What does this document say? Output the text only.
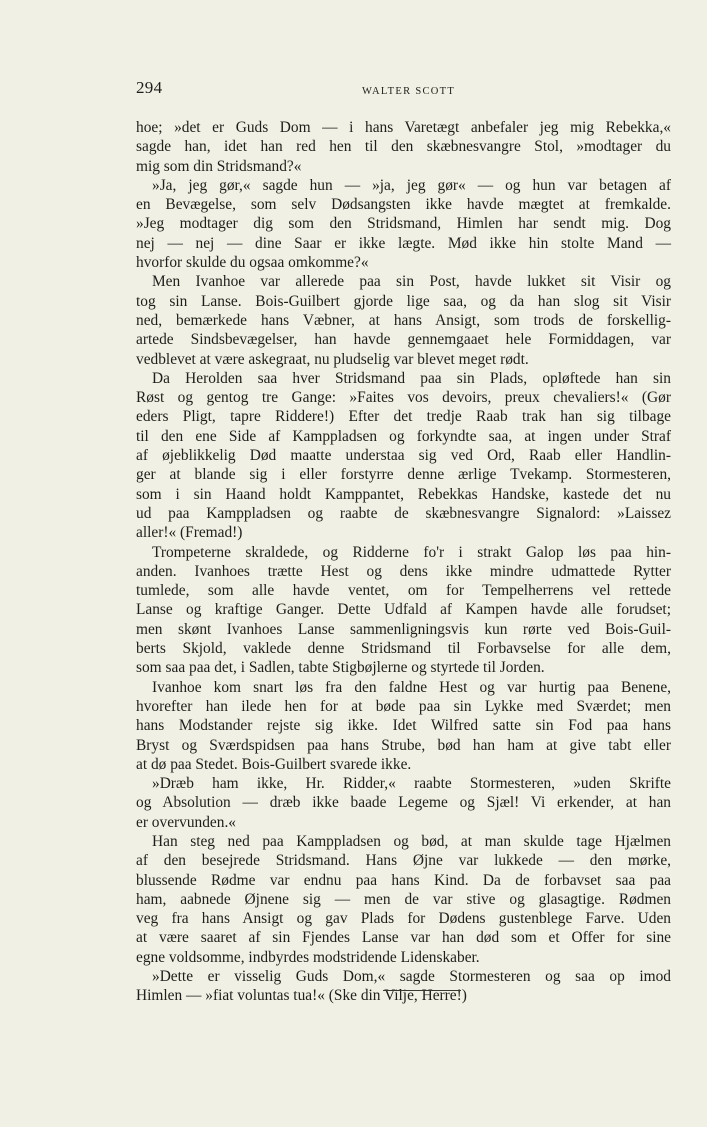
294	WALTER SCOTT
hoe; »det er Guds Dom — i hans Varetægt anbefaler jeg mig Rebekka,«
sagde han, idet han red hen til den skæbnesvangre Stol, »modtager du
mig som din Stridsmand?«
»Ja, jeg gør,« sagde hun — »ja, jeg gør« — og hun var betagen af
en Bevægelse, som selv Dødsangsten ikke havde mægtet at fremkalde.
»Jeg modtager dig som den Stridsmand, Himlen har sendt mig. Dog
nej — nej — dine Saar er ikke lægte. Mød ikke hin stolte Mand —
hvorfor skulde du ogsaa omkomme?«
Men Ivanhoe var allerede paa sin Post, havde lukket sit Visir og
tog sin Lanse. Bois-Guilbert gjorde lige saa, og da han slog sit Visir
ned, bemærkede hans Væbner, at hans Ansigt, som trods de forskellig-
artede Sindsbevægelser, han havde gennemgaaet hele Formiddagen, var
vedblevet at være askegraat, nu pludselig var blevet meget rødt.
Da Herolden saa hver Stridsmand paa sin Plads, opløftede han sin
Røst og gentog tre Gange: »Faites vos devoirs, preux chevaliers!« (Gør
eders Pligt, tapre Riddere!) Efter det tredje Raab trak han sig tilbage
til den ene Side af Kamppladsen og forkyndte saa, at ingen under Straf
af øjeblikkelig Død maatte understaa sig ved Ord, Raab eller Handlin-
ger at blande sig i eller forstyrre denne ærlige Tvekamp. Stormesteren,
som i sin Haand holdt Kamppantet, Rebekkas Handske, kastede det nu
ud paa Kamppladsen og raabte de skæbnesvangre Signalord: »Laissez
aller!« (Fremad!)
Trompeterne skraldede, og Ridderne fo'r i strakt Galop løs paa hin-
anden. Ivanhoes trætte Hest og dens ikke mindre udmattede Rytter
tumlede, som alle havde ventet, om for Tempelherrens vel rettede
Lanse og kraftige Ganger. Dette Udfald af Kampen havde alle forudset;
men skønt Ivanhoes Lanse sammenligningsvis kun rørte ved Bois-Guil-
berts Skjold, vaklede denne Stridsmand til Forbavselse for alle dem,
som saa paa det, i Sadlen, tabte Stigbøjlerne og styrtede til Jorden.
Ivanhoe kom snart løs fra den faldne Hest og var hurtig paa Benene,
hvorefter han ilede hen for at bøde paa sin Lykke med Sværdet; men
hans Modstander rejste sig ikke. Idet Wilfred satte sin Fod paa hans
Bryst og Sværdspidsen paa hans Strube, bød han ham at give tabt eller
at dø paa Stedet. Bois-Guilbert svarede ikke.
»Dræb ham ikke, Hr. Ridder,« raabte Stormesteren, »uden Skrifte
og Absolution — dræb ikke baade Legeme og Sjæl! Vi erkender, at han
er overvunden.«
Han steg ned paa Kamppladsen og bød, at man skulde tage Hjælmen
af den besejrede Stridsmand. Hans Øjne var lukkede — den mørke,
blussende Rødme var endnu paa hans Kind. Da de forbavset saa paa
ham, aabnede Øjnene sig — men de var stive og glasagtige. Rødmen
veg fra hans Ansigt og gav Plads for Dødens gustenblege Farve. Uden
at være saaret af sin Fjendes Lanse var han død som et Offer for sine
egne voldsomme, indbyrdes modstridende Lidenskaber.
»Dette er visselig Guds Dom,« sagde Stormesteren og saa op imod
Himlen — »fiat voluntas tua!« (Ske din Vilje, Herre!)
